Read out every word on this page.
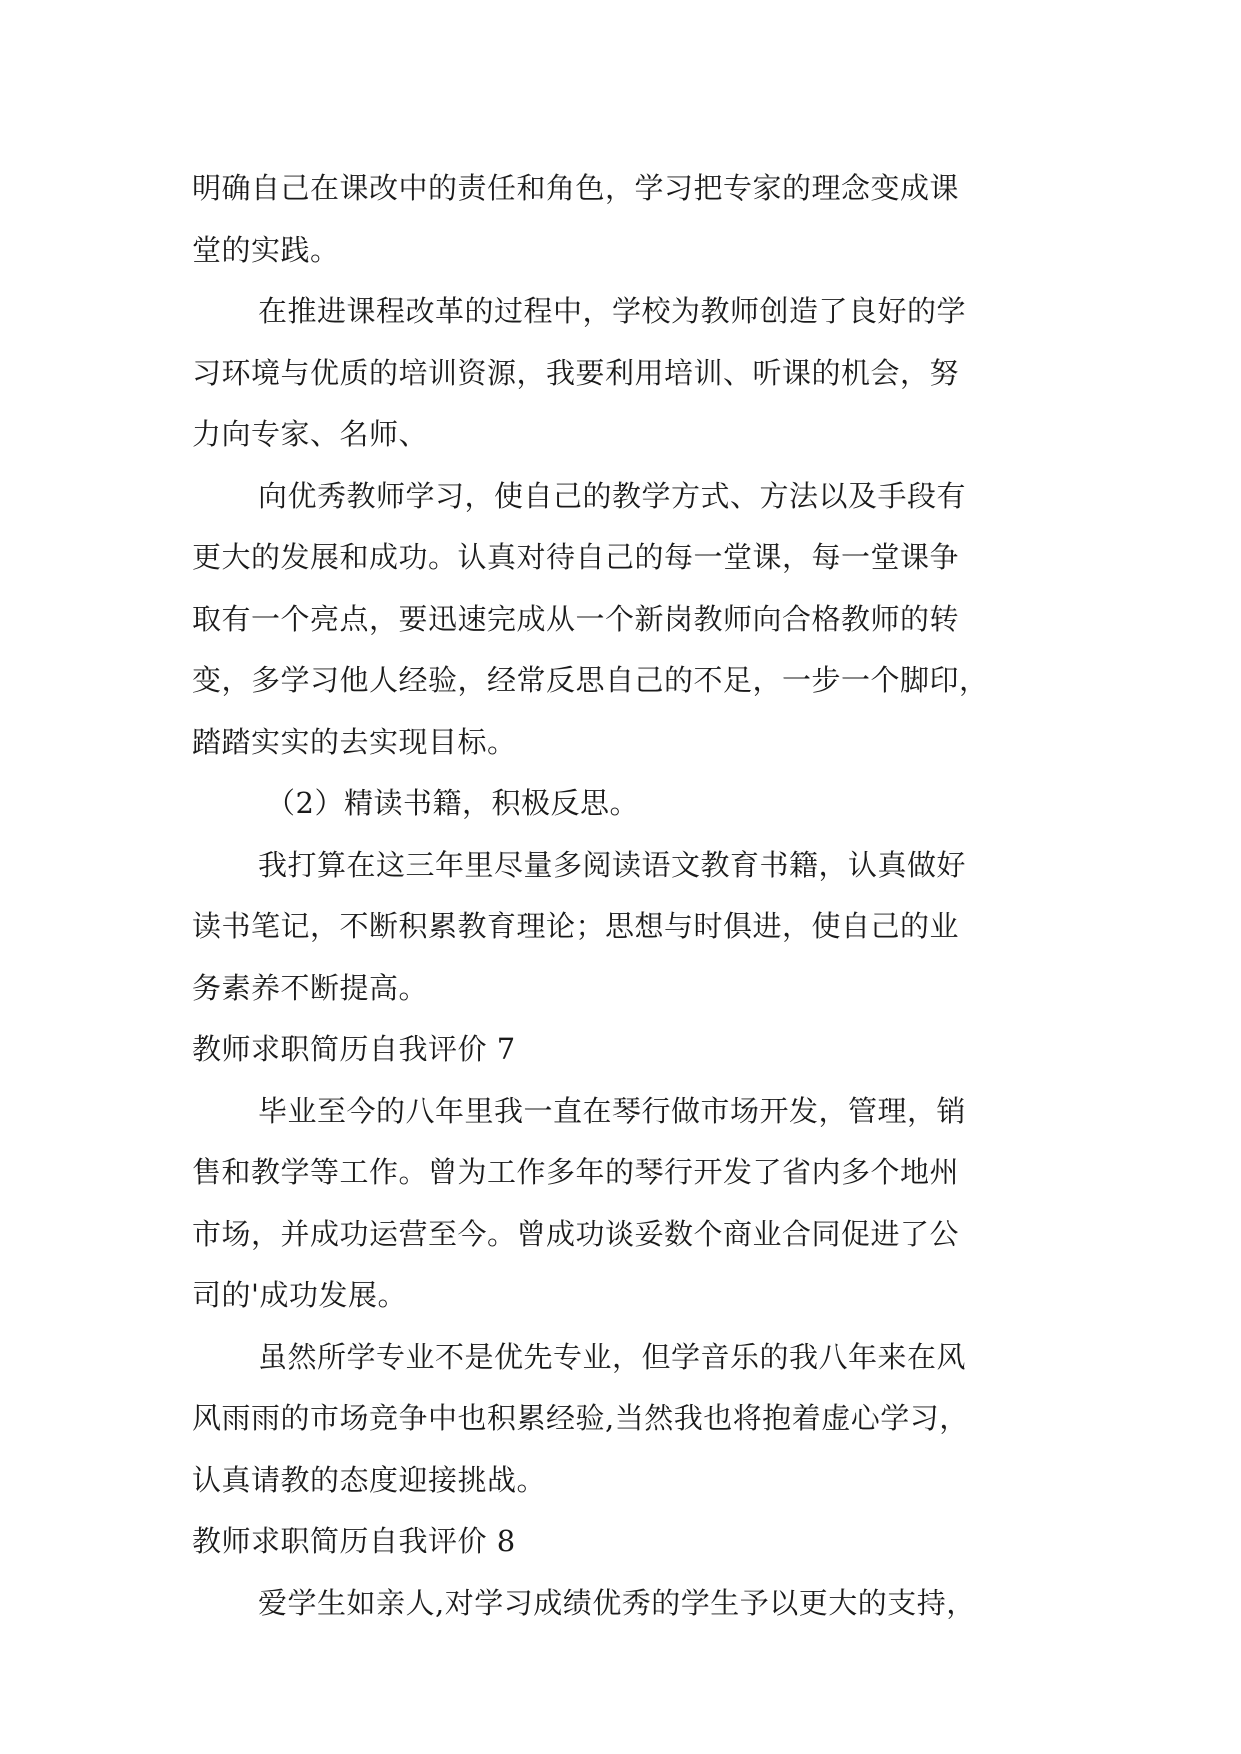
明确自己在课改中的责任和角色，学习把专家的理念变成课
堂的实践。
在推进课程改革的过程中，学校为教师创造了良好的学
习环境与优质的培训资源，我要利用培训、听课的机会，努
力向专家、名师、
向优秀教师学习，使自己的教学方式、方法以及手段有
更大的发展和成功。认真对待自己的每一堂课，每一堂课争
取有一个亮点，要迅速完成从一个新岗教师向合格教师的转
变，多学习他人经验，经常反思自己的不足，一步一个脚印，
踏踏实实的去实现目标。
（2）精读书籍，积极反思。
我打算在这三年里尽量多阅读语文教育书籍，认真做好
读书笔记，不断积累教育理论；思想与时俱进，使自己的业
务素养不断提高。
教师求职简历自我评价 7
毕业至今的八年里我一直在琴行做市场开发，管理，销
售和教学等工作。曾为工作多年的琴行开发了省内多个地州
市场，并成功运营至今。曾成功谈妥数个商业合同促进了公
司的'成功发展。
虽然所学专业不是优先专业，但学音乐的我八年来在风
风雨雨的市场竞争中也积累经验,当然我也将抱着虚心学习，
认真请教的态度迎接挑战。
教师求职简历自我评价 8
爱学生如亲人,对学习成绩优秀的学生予以更大的支持，
